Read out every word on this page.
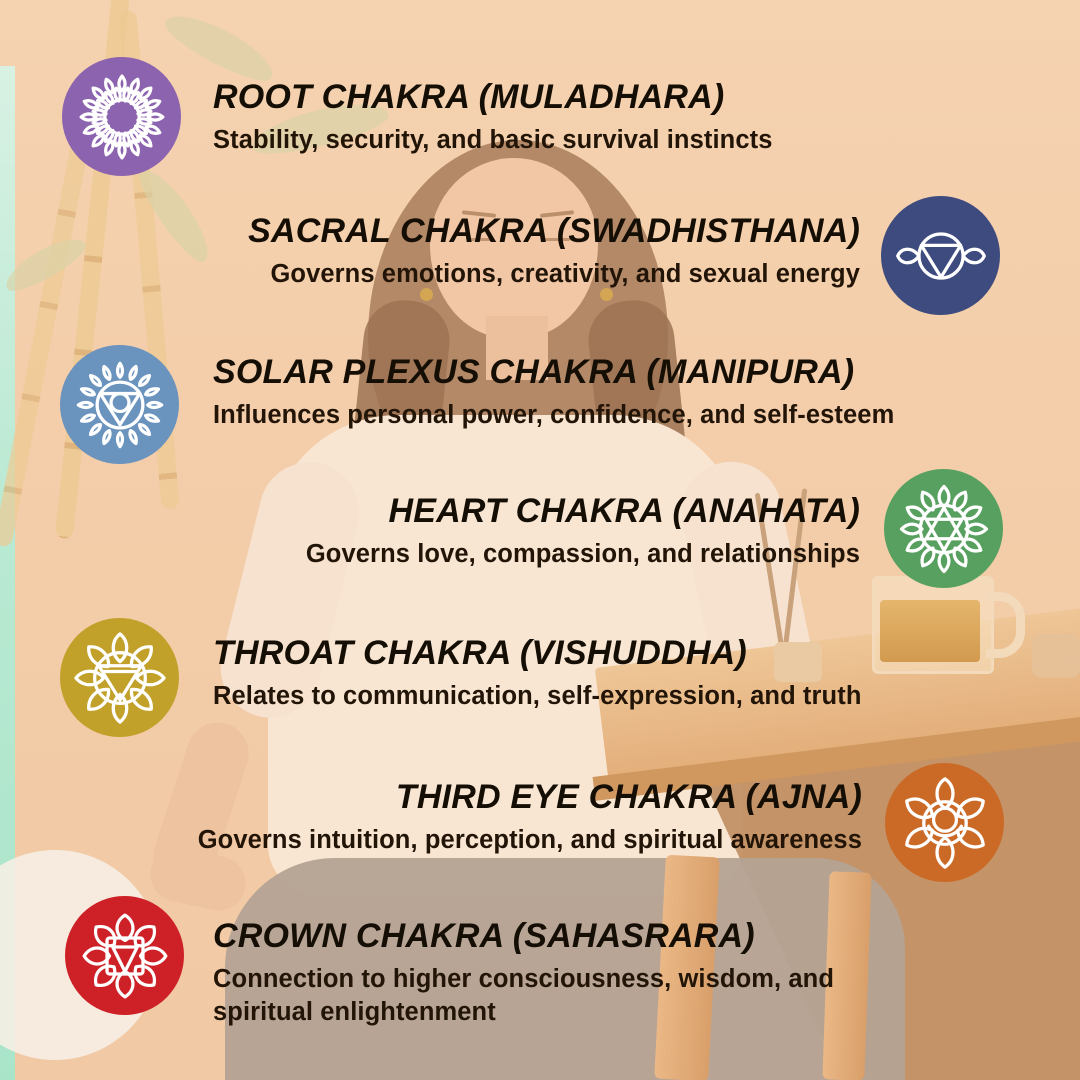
ROOT CHAKRA (MULADHARA)
Stability, security, and basic survival instincts
SACRAL CHAKRA (SWADHISTHANA)
Governs emotions, creativity, and sexual energy
SOLAR PLEXUS CHAKRA (MANIPURA)
Influences personal power, confidence, and self-esteem
HEART CHAKRA (ANAHATA)
Governs love, compassion, and relationships
THROAT CHAKRA (VISHUDDHA)
Relates to communication, self-expression, and truth
THIRD EYE CHAKRA (AJNA)
Governs intuition, perception, and spiritual awareness
CROWN CHAKRA (SAHASRARA)
Connection to higher consciousness, wisdom, and spiritual enlightenment
